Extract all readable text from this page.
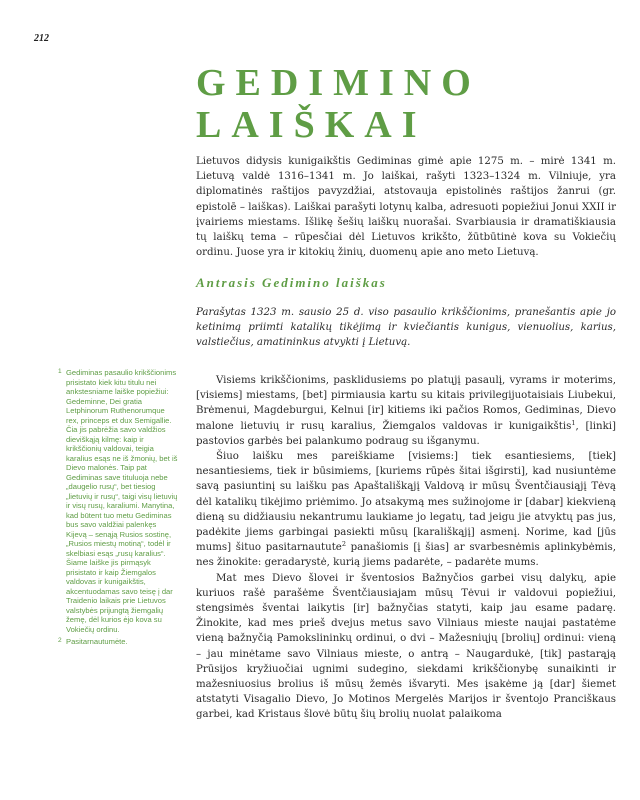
212
GEDIMINO
LAIŠKAI

Lietuvos didysis kunigaikštis Gediminas gimė apie 1275 m. – mirė 1341 m. Lietuvą valdė 1316–1341 m. Jo laiškai, rašyti 1323–1324 m. Vilniuje, yra diplomatinės raštijos pavyzdžiai, atstovauja epistolinės raštijos žanrui (gr. epistolē – laiškas). Laiškai parašyti lotynų kalba, adresuoti popiežiui Jonui XXII ir įvairiems miestams. Išlikę šešių laiškų nuorašai. Svarbiausia ir dramatiškiausia tų laiškų tema – rūpesčiai dėl Lietuvos krikšto, žūtbūtinė kova su Vokiečių ordinu. Juose yra ir kitokių žinių, duomenų apie ano meto Lietuvą.

Antrasis Gedimino laiškas

Parašytas 1323 m. sausio 25 d. viso pasaulio krikščionims, pranešantis apie jo ketinimą priimti katalikų tikėjimą ir kviečiantis kunigus, vienuolius, karius, valstiečius, amatininkus atvykti į Lietuvą.

Visiems krikščionims, pasklidusiems po platųjį pasaulį, vyrams ir moterims, [visiems] miestams, [bet] pirmiausia kartu su kitais privilegijuotaisiais Liubekui, Brėmenui, Magdeburgui, Kelnui [ir] kitiems iki pačios Romos, Gediminas, Dievo malone lietuvių ir rusų karalius, Žiemgalos valdovas ir kunigaikštis$^1$, [linki] pastovios garbės bei palankumo podraug su išganymu.

Šiuo laišku mes pareiškiame [visiems:] tiek esantiesiems, [tiek] nesantiesiems, tiek ir būsimiems, [kuriems rūpės šitai išgirsti], kad nusiuntėme savą pasiuntinį su laišku pas Apaštališkąjį Valdovą ir mūsų Šventčiausiąjį Tėvą dėl katalikų tikėjimo priėmimo. Jo atsakymą mes sužinojome ir [dabar] kiekvieną dieną su didžiausiu nekantrumu laukiame jo legatų, tad jeigu jie atvyktų pas jus, padėkite jiems garbingai pasiekti mūsų [karališkąjį] asmenį. Norime, kad [jūs mums] šituo pasitarnautute$^2$ panašiomis [į šias] ar svarbesnėmis aplinkybėmis, nes žinokite: geradarystė, kurią jiems padarėte, – padarėte mums.

Mat mes Dievo šlovei ir šventosios Bažnyčios garbei visų dalykų, apie kuriuos rašė parašėme Šventčiausiajam mūsų Tėvui ir valdovui popiežiui, stengsimės šventai laikytis [ir] bažnyčias statyti, kaip jau esame padarę. Žinokite, kad mes prieš dvejus metus savo Vilniaus mieste naujai pastatėme vieną bažnyčią Pamokslininkų ordinui, o dvi – Mažesniųjų [brolių] ordinui: vieną – jau minėtame savo Vilniaus mieste, o antrą – Naugardukė, [tik] pastarąją Prūsijos kryžiuočiai ugnimi sudegino, siekdami krikščionybę sunaikinti ir mažesniuosius brolius iš mūsų žemės išvaryti. Mes įsakėme ją [dar] šiemet atstatyti Visagalio Dievo, Jo Motinos Mergelės Marijos ir šventojo Pranciškaus garbei, kad Kristaus šlovė būtų šių brolių nuolat palaikoma

1 Gediminas pasaulio krikščionims prisistato kiek kitu titulu nei ankstesniame laiške popiežiui: Gedeminne, Dei gratia Letphinorum Ruthenorumque rex, princeps et dux Semigallie. Čia jis pabrėžia savo valdžios dieviškąją kilmę: kaip ir krikščionių valdovai, teigia karalius esąs ne iš žmonių, bet iš Dievo malonės. Taip pat Gediminas save tituluoja nebe „daugelio rusų“, bet tiesiog „lietuvių ir rusų“, taigi visų lietuvių ir visų rusų, karaliumi. Manytina, kad būtent tuo metu Gediminas bus savo valdžiai palenkęs Kijevą – senąją Rusios sostinę, „Rusios miestų motiną“, todėl ir skelbiasi esąs „rusų karalius“. Šiame laiške jis pirmąsyk prisistato ir kaip Žiemgalos valdovas ir kunigaikštis, akcentuodamas savo teisę į dar Traidenio laikais prie Lietuvos valstybės prijungtą žiemgalių žemę, dėl kurios ėjo kova su Vokiečių ordinu.
2 Pasitarnautumėte.
